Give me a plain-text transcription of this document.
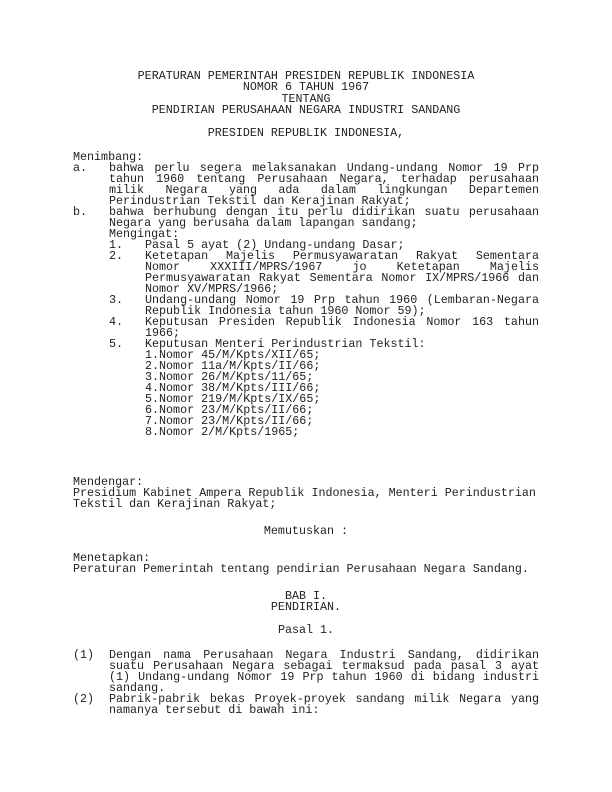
PERATURAN PEMERINTAH PRESIDEN REPUBLIK INDONESIA
NOMOR 6 TAHUN 1967
TENTANG
PENDIRIAN PERUSAHAAN NEGARA INDUSTRI SANDANG
PRESIDEN REPUBLIK INDONESIA,
Menimbang:
a.	bahwa perlu segera melaksanakan Undang-undang Nomor 19 Prp
tahun 1960 tentang Perusahaan Negara, terhadap perusahaan
milik Negara yang ada dalam lingkungan Departemen
Perindustrian Tekstil dan Kerajinan Rakyat;
b.	bahwa berhubung dengan itu perlu didirikan suatu perusahaan
Negara yang berusaha dalam lapangan sandang;
Mengingat:
1.	Pasal 5 ayat (2) Undang-undang Dasar;
2.	Ketetapan Majelis Permusyawaratan Rakyat Sementara
Nomor XXXIII/MPRS/1967 jo Ketetapan Majelis
Permusyawaratan Rakyat Sementara Nomor IX/MPRS/1966 dan
Nomor XV/MPRS/1966;
3.	Undang-undang Nomor 19 Prp tahun 1960 (Lembaran-Negara
Republik Indonesia tahun 1960 Nomor 59);
4.	Keputusan Presiden Republik Indonesia Nomor 163 tahun
1966;
5.	Keputusan Menteri Perindustrian Tekstil:
1.Nomor 45/M/Kpts/XII/65;
2.Nomor 11a/M/Kpts/II/66;
3.Nomor 26/M/Kpts/11/65;
4.Nomor 38/M/Kpts/III/66;
5.Nomor 219/M/Kpts/IX/65;
6.Nomor 23/M/Kpts/II/66;
7.Nomor 23/M/Kpts/II/66;
8.Nomor 2/M/Kpts/1965;
Mendengar:
Presidium Kabinet Ampera Republik Indonesia, Menteri Perindustrian
Tekstil dan Kerajinan Rakyat;
Memutuskan :
Menetapkan:
Peraturan Pemerintah tentang pendirian Perusahaan Negara Sandang.
BAB I.
PENDIRIAN.
Pasal 1.
(1)	Dengan nama Perusahaan Negara Industri Sandang, didirikan
suatu Perusahaan Negara sebagai termaksud pada pasal 3 ayat
(1) Undang-undang Nomor 19 Prp tahun 1960 di bidang industri
sandang.
(2)	Pabrik-pabrik bekas Proyek-proyek sandang milik Negara yang
namanya tersebut di bawah ini:
